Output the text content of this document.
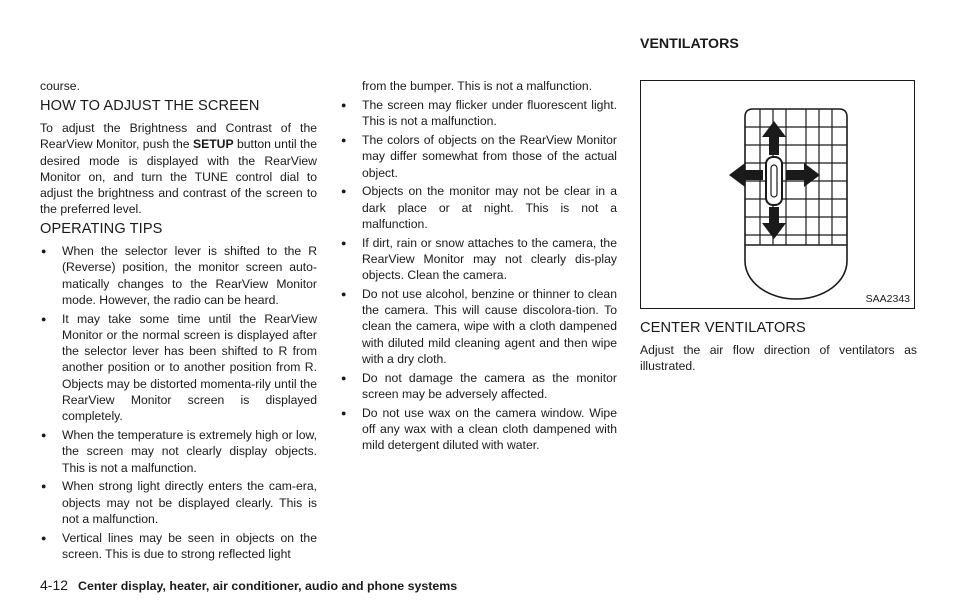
VENTILATORS

course.

HOW TO ADJUST THE SCREEN

To adjust the Brightness and Contrast of the RearView Monitor, push the SETUP button until the desired mode is displayed with the RearView Monitor on, and turn the TUNE control dial to adjust the brightness and contrast of the screen to the preferred level.

OPERATING TIPS
● When the selector lever is shifted to the R (Reverse) position, the monitor screen auto-matically changes to the RearView Monitor mode. However, the radio can be heard.
● It may take some time until the RearView Monitor or the normal screen is displayed after the selector lever has been shifted to R from another position or to another position from R. Objects may be distorted momenta-rily until the RearView Monitor screen is displayed completely.
● When the temperature is extremely high or low, the screen may not clearly display objects. This is not a malfunction.
● When strong light directly enters the cam-era, objects may not be displayed clearly. This is not a malfunction.
● Vertical lines may be seen in objects on the screen. This is due to strong reflected light

from the bumper. This is not a malfunction.

● The screen may flicker under fluorescent light. This is not a malfunction.
● The colors of objects on the RearView Monitor may differ somewhat from those of the actual object.
● Objects on the monitor may not be clear in a dark place or at night. This is not a malfunction.
● If dirt, rain or snow attaches to the camera, the RearView Monitor may not clearly dis-play objects. Clean the camera.
● Do not use alcohol, benzine or thinner to clean the camera. This will cause discolora-tion. To clean the camera, wipe with a cloth dampened with diluted mild cleaning agent and then wipe with a dry cloth.
● Do not damage the camera as the monitor screen may be adversely affected.
● Do not use wax on the camera window. Wipe off any wax with a clean cloth dampened with mild detergent diluted with water.
SAA2343
CENTER VENTILATORS

Adjust the air flow direction of ventilators as illustrated.

4-12 Center display, heater, air conditioner, audio and phone systems
